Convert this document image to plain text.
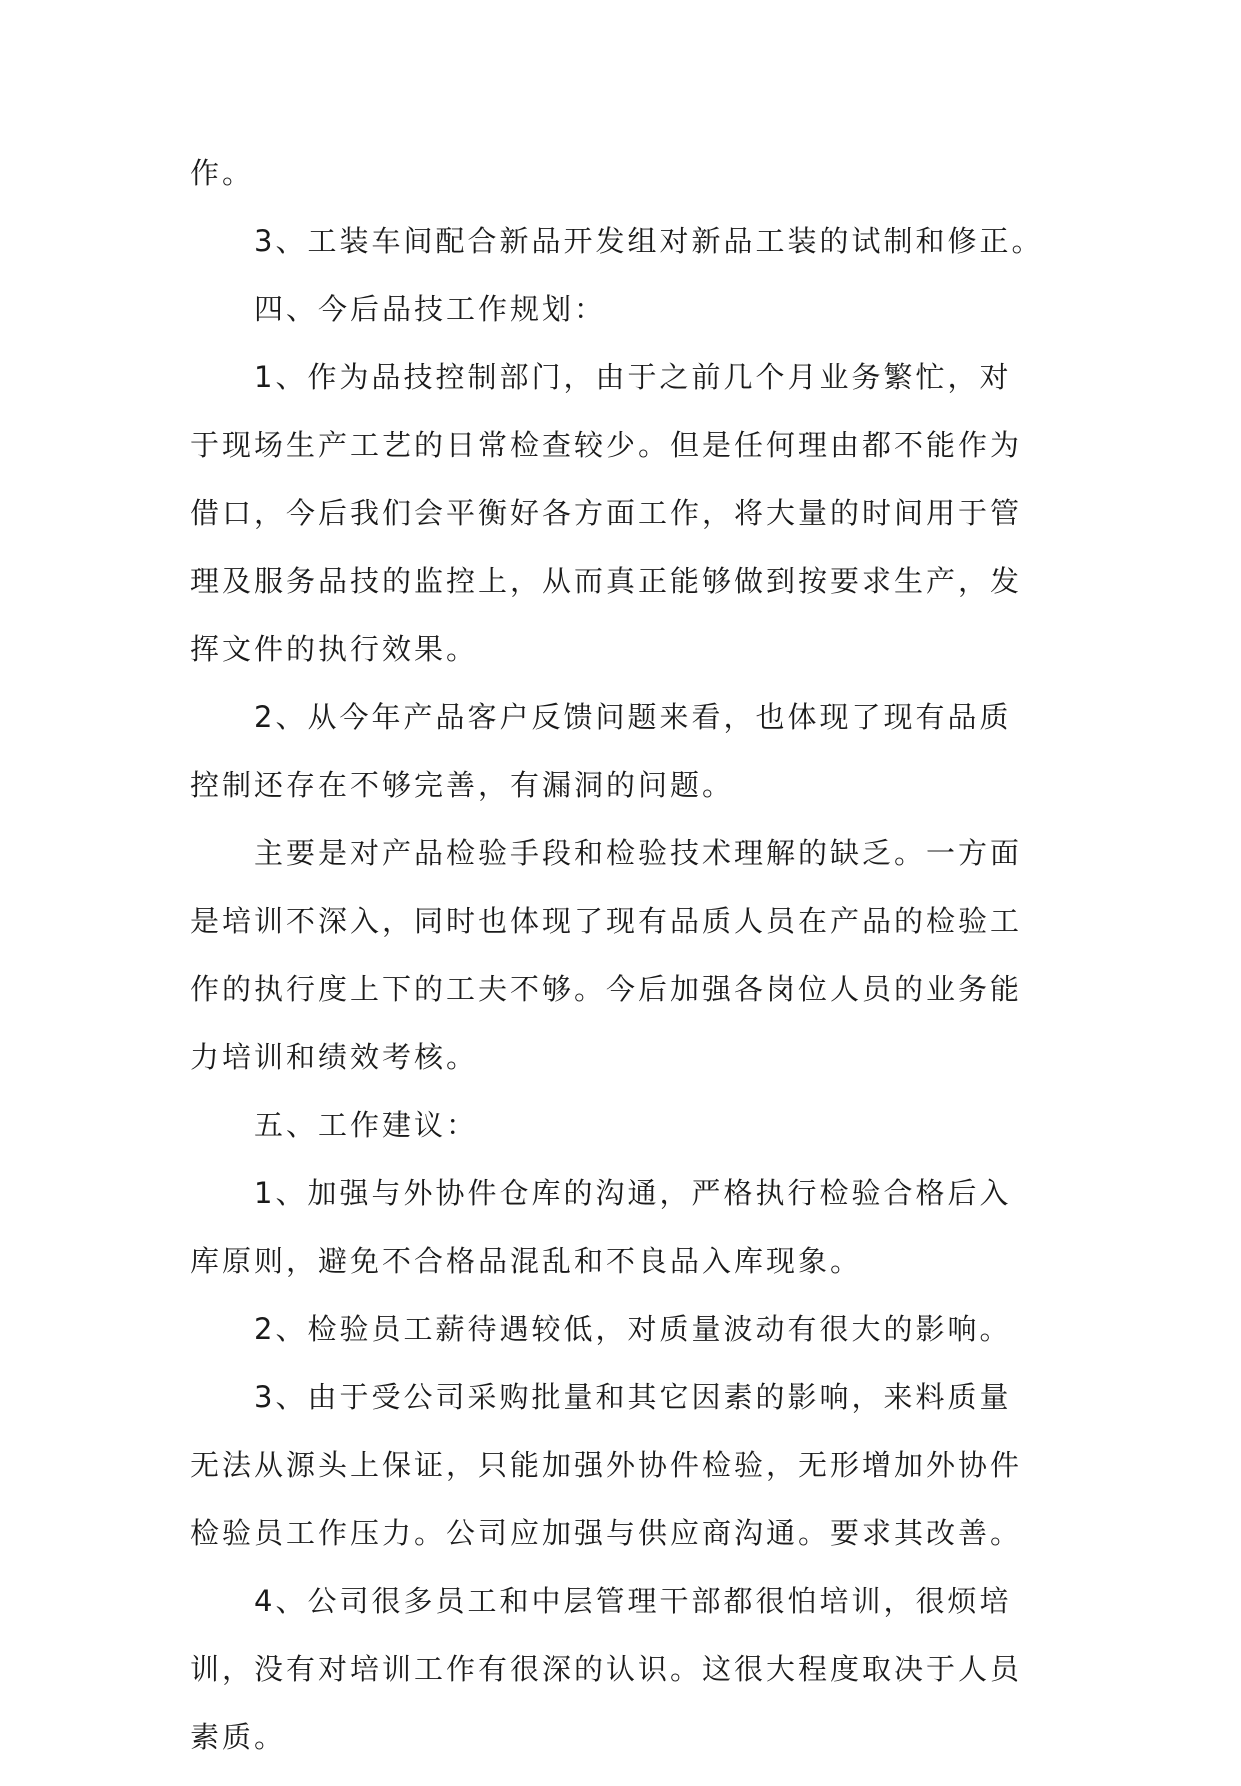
作。
3、工装车间配合新品开发组对新品工装的试制和修正。
四、今后品技工作规划：
1、作为品技控制部门，由于之前几个月业务繁忙，对
于现场生产工艺的日常检查较少。但是任何理由都不能作为
借口，今后我们会平衡好各方面工作，将大量的时间用于管
理及服务品技的监控上，从而真正能够做到按要求生产，发
挥文件的执行效果。
2、从今年产品客户反馈问题来看，也体现了现有品质
控制还存在不够完善，有漏洞的问题。
主要是对产品检验手段和检验技术理解的缺乏。一方面
是培训不深入，同时也体现了现有品质人员在产品的检验工
作的执行度上下的工夫不够。今后加强各岗位人员的业务能
力培训和绩效考核。
五、工作建议：
1、加强与外协件仓库的沟通，严格执行检验合格后入
库原则，避免不合格品混乱和不良品入库现象。
2、检验员工薪待遇较低，对质量波动有很大的影响。
3、由于受公司采购批量和其它因素的影响，来料质量
无法从源头上保证，只能加强外协件检验，无形增加外协件
检验员工作压力。公司应加强与供应商沟通。要求其改善。
4、公司很多员工和中层管理干部都很怕培训，很烦培
训，没有对培训工作有很深的认识。这很大程度取决于人员
素质。
